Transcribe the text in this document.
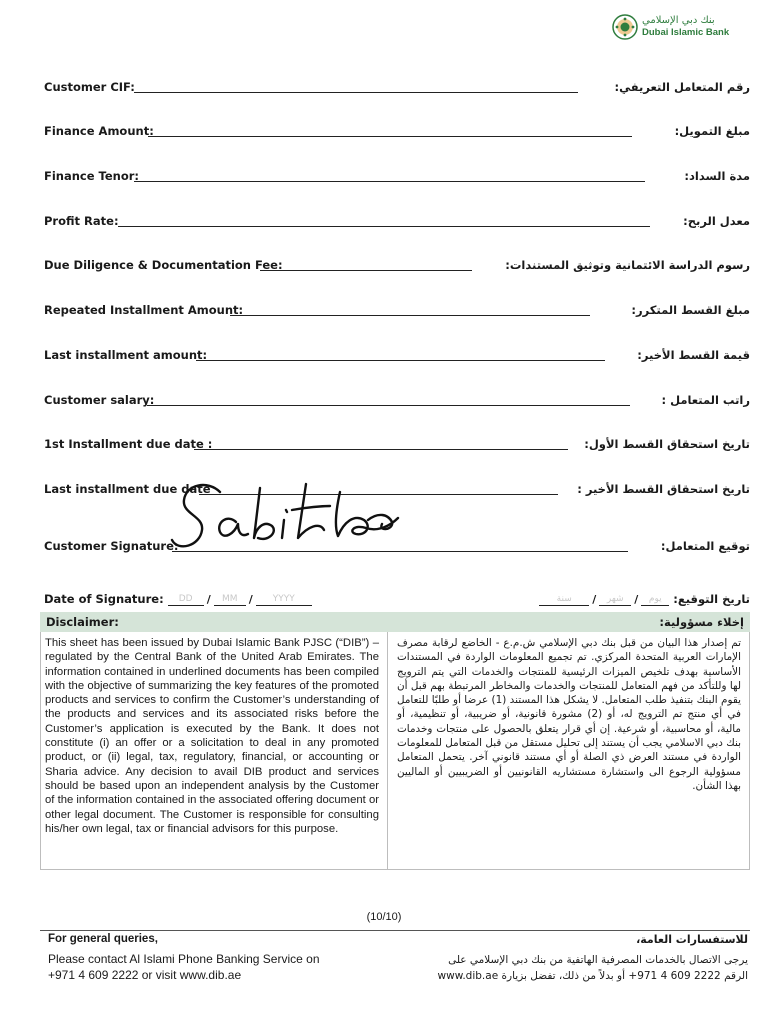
بنك دبي الإسلامي
Dubai Islamic Bank
Customer CIF:	رقم المتعامل التعريفي:
Finance Amount:	مبلغ التمويل:
Finance Tenor:	مدة السداد:
Profit Rate:	معدل الربح:
Due Diligence & Documentation Fee:	رسوم الدراسة الائتمانية وتوثيق المستندات:
Repeated Installment Amount:	مبلغ القسط المتكرر:
Last installment amount:	قيمة القسط الأخير:
Customer salary:	راتب المتعامل :
1st Installment due date :	تاريخ استحقاق القسط الأول:
Last installment due date	تاريخ استحقاق القسط الأخير :
Customer Signature:	توقيع المتعامل:
Date of Signature: DD / MM / YYYY	تاريخ التوقيع: يوم/شهر/سنة
Disclaimer:	إخلاء مسؤولية:
This sheet has been issued by Dubai Islamic Bank PJSC (“DIB”) – regulated by the Central Bank of the United Arab Emirates. The information contained in underlined documents has been compiled with the objective of summarizing the key features of the promoted products and services to confirm the Customer’s understanding of the products and services and its associated risks before the Customer’s application is executed by the Bank. It does not constitute (i) an offer or a solicitation to deal in any promoted product, or (ii) legal, tax, regulatory, financial, or accounting or Sharia advice. Any decision to avail DIB product and services should be based upon an independent analysis by the Customer of the information contained in the associated offering document or other legal document. The Customer is responsible for consulting his/her own legal, tax or financial advisors for this purpose.
تم إصدار هذا البيان من قبل بنك دبي الإسلامي ش.م.ع - الخاضع لرقابة مصرف الإمارات العربية المتحدة المركزي. تم تجميع المعلومات الواردة في المستندات الأساسية بهدف تلخيص الميزات الرئيسية للمنتجات والخدمات التي يتم الترويج لها وللتأكد من فهم المتعامل للمنتجات والخدمات والمخاطر المرتبطة بهم قبل أن يقوم البنك بتنفيذ طلب المتعامل. لا يشكل هذا المستند (1) عرضا أو طلبًا للتعامل في أي منتج تم الترويج له، أو (2) مشورة قانونية، أو ضريبية، أو تنظيمية، أو مالية، أو محاسبية، أو شرعية. إن أي قرار يتعلق بالحصول على منتجات وخدمات بنك دبي الاسلامي يجب أن يستند إلى تحليل مستقل من قبل المتعامل للمعلومات الواردة في مستند العرض ذي الصلة أو أي مستند قانوني آخر. يتحمل المتعامل مسؤولية الرجوع الى واستشارة مستشاريه القانونيين أو الضريبيين أو الماليين بهذا الشأن.
(10/10)
For general queries,	للاستفسارات العامة،
Please contact Al Islami Phone Banking Service on
+971 4 609 2222 or visit www.dib.ae
يرجى الاتصال بالخدمات المصرفية الهاتفية من بنك دبي الإسلامي على
الرقم 2222 609 4 971+ أو بدلاً من ذلك، تفضل بزيارة www.dib.ae
